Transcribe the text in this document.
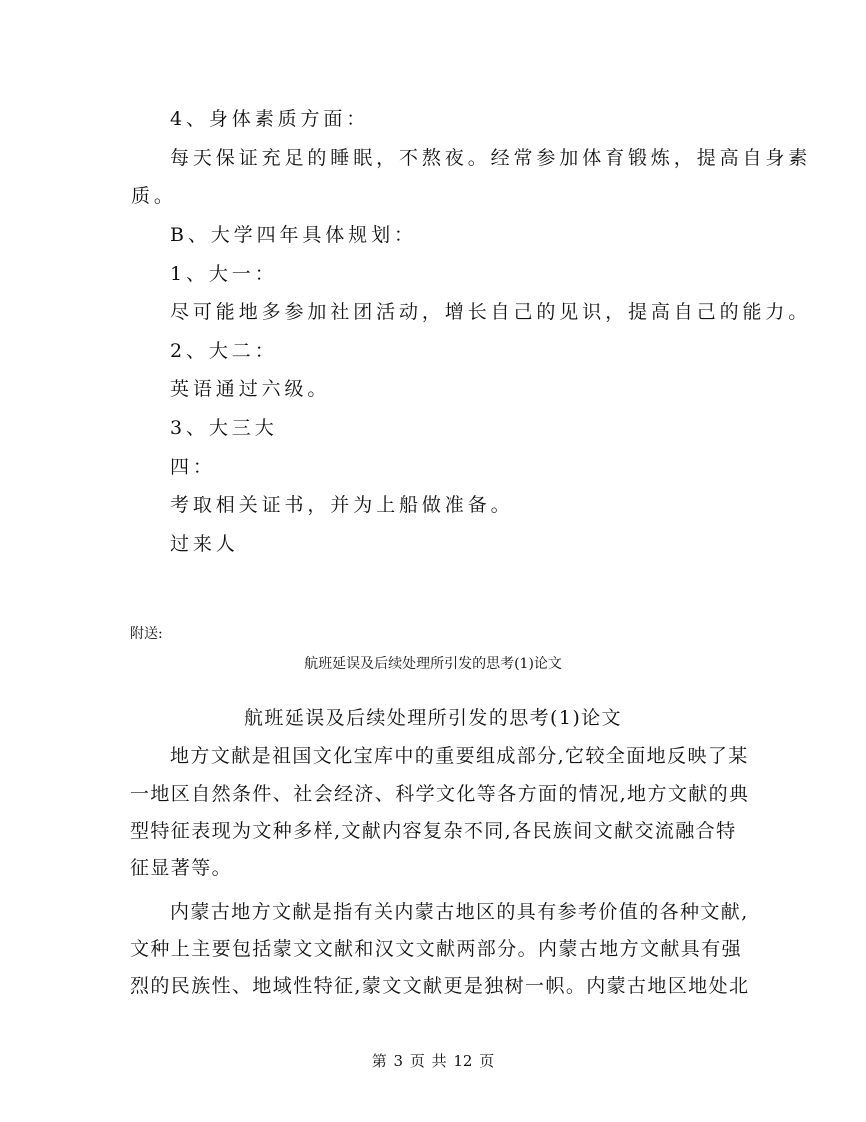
4、身体素质方面：
每天保证充足的睡眠，不熬夜。经常参加体育锻炼，提高自身素
质。
B、大学四年具体规划：
1、大一：
尽可能地多参加社团活动，增长自己的见识，提高自己的能力。
2、大二：
英语通过六级。
3、大三大
四：
考取相关证书，并为上船做准备。
过来人
附送:
航班延误及后续处理所引发的思考(1)论文
航班延误及后续处理所引发的思考(1)论文
地方文献是祖国文化宝库中的重要组成部分,它较全面地反映了某
一地区自然条件、社会经济、科学文化等各方面的情况,地方文献的典
型特征表现为文种多样,文献内容复杂不同,各民族间文献交流融合特
征显著等。
内蒙古地方文献是指有关内蒙古地区的具有参考价值的各种文献,
文种上主要包括蒙文文献和汉文文献两部分。内蒙古地方文献具有强
烈的民族性、地域性特征,蒙文文献更是独树一帜。内蒙古地区地处北
第 3 页 共 12 页
